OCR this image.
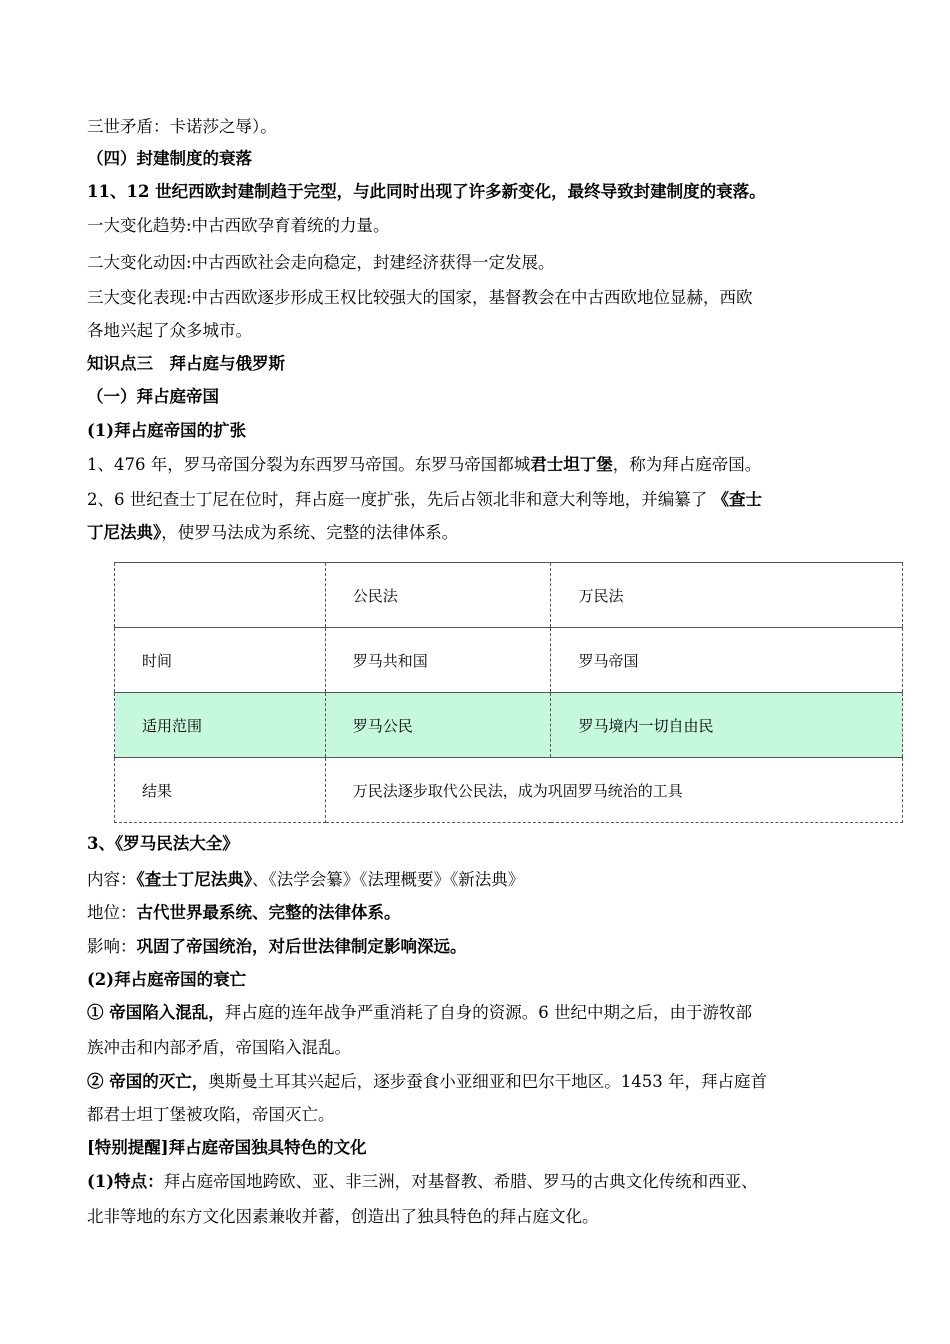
三世矛盾：卡诺莎之辱）。
（四）封建制度的衰落
11、12 世纪西欧封建制趋于完型，与此同时出现了许多新变化，最终导致封建制度的衰落。
一大变化趋势:中古西欧孕育着统的力量。
二大变化动因:中古西欧社会走向稳定，封建经济获得一定发展。
三大变化表现:中古西欧逐步形成王权比较强大的国家，基督教会在中古西欧地位显赫，西欧
各地兴起了众多城市。
知识点三　拜占庭与俄罗斯
（一）拜占庭帝国
(1)拜占庭帝国的扩张
1、476 年，罗马帝国分裂为东西罗马帝国。东罗马帝国都城君士坦丁堡，称为拜占庭帝国。
2、6 世纪查士丁尼在位时，拜占庭一度扩张，先后占领北非和意大利等地，并编纂了 《查士
丁尼法典》，使罗马法成为系统、完整的法律体系。
	公民法	万民法
时间	罗马共和国	罗马帝国
适用范围	罗马公民	罗马境内一切自由民
结果	万民法逐步取代公民法，成为巩固罗马统治的工具	
3、《罗马民法大全》
内容：《查士丁尼法典》、《法学会纂》《法理概要》《新法典》
地位：古代世界最系统、完整的法律体系。
影响：巩固了帝国统治，对后世法律制定影响深远。
(2)拜占庭帝国的衰亡
① 帝国陷入混乱，拜占庭的连年战争严重消耗了自身的资源。6 世纪中期之后，由于游牧部
族冲击和内部矛盾，帝国陷入混乱。
② 帝国的灭亡，奥斯曼土耳其兴起后，逐步蚕食小亚细亚和巴尔干地区。1453 年，拜占庭首
都君士坦丁堡被攻陷，帝国灭亡。
[特别提醒]拜占庭帝国独具特色的文化
(1)特点：拜占庭帝国地跨欧、亚、非三洲，对基督教、希腊、罗马的古典文化传统和西亚、
北非等地的东方文化因素兼收并蓄，创造出了独具特色的拜占庭文化。
